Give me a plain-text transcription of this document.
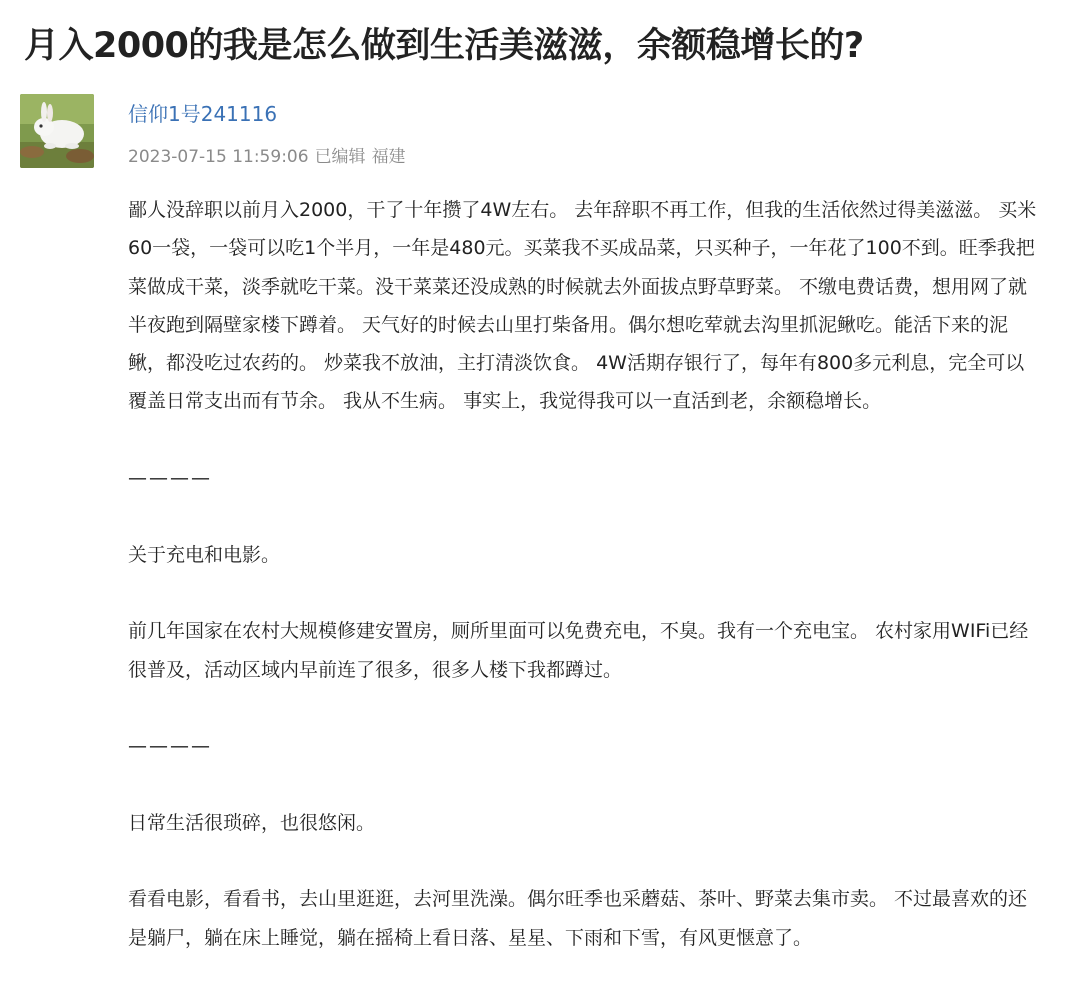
月入2000的我是怎么做到生活美滋滋，余额稳增长的?
信仰1号241116
2023-07-15 11:59:06 已编辑 福建

鄙人没辞职以前月入2000，干了十年攒了4W左右。 去年辞职不再工作，但我的生活依然过得美滋滋。 买米60一袋，一袋可以吃1个半月，一年是480元。买菜我不买成品菜，只买种子，一年花了100不到。旺季我把菜做成干菜，淡季就吃干菜。没干菜菜还没成熟的时候就去外面拔点野草野菜。 不缴电费话费，想用网了就半夜跑到隔壁家楼下蹲着。 天气好的时候去山里打柴备用。偶尔想吃荤就去沟里抓泥鳅吃。能活下来的泥鳅，都没吃过农药的。 炒菜我不放油，主打清淡饮食。 4W活期存银行了，每年有800多元利息，完全可以覆盖日常支出而有节余。 我从不生病。 事实上，我觉得我可以一直活到老，余额稳增长。

————

关于充电和电影。

前几年国家在农村大规模修建安置房，厕所里面可以免费充电，不臭。我有一个充电宝。 农村家用WIFi已经很普及，活动区域内早前连了很多，很多人楼下我都蹲过。

————

日常生活很琐碎，也很悠闲。

看看电影，看看书，去山里逛逛，去河里洗澡。偶尔旺季也采蘑菇、茶叶、野菜去集市卖。 不过最喜欢的还是躺尸，躺在床上睡觉，躺在摇椅上看日落、星星、下雨和下雪，有风更惬意了。
